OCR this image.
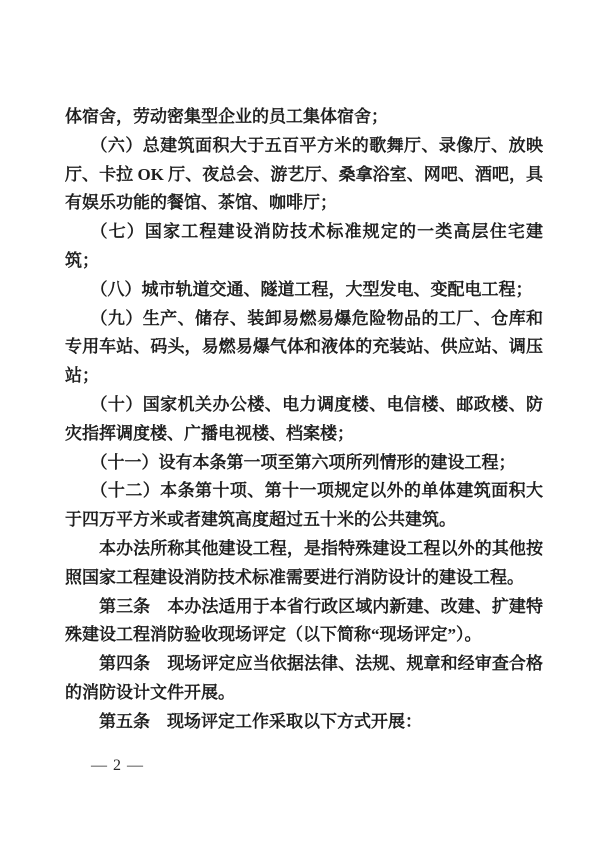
体宿舍，劳动密集型企业的员工集体宿舍；
（六）总建筑面积大于五百平方米的歌舞厅、录像厅、放映
厅、卡拉 OK 厅、夜总会、游艺厅、桑拿浴室、网吧、酒吧，具
有娱乐功能的餐馆、茶馆、咖啡厅；
（七）国家工程建设消防技术标准规定的一类高层住宅建
筑；
（八）城市轨道交通、隧道工程，大型发电、变配电工程；
（九）生产、储存、装卸易燃易爆危险物品的工厂、仓库和
专用车站、码头，易燃易爆气体和液体的充装站、供应站、调压
站；
（十）国家机关办公楼、电力调度楼、电信楼、邮政楼、防
灾指挥调度楼、广播电视楼、档案楼；
（十一）设有本条第一项至第六项所列情形的建设工程；
（十二）本条第十项、第十一项规定以外的单体建筑面积大
于四万平方米或者建筑高度超过五十米的公共建筑。
本办法所称其他建设工程，是指特殊建设工程以外的其他按
照国家工程建设消防技术标准需要进行消防设计的建设工程。
第三条　本办法适用于本省行政区域内新建、改建、扩建特
殊建设工程消防验收现场评定（以下简称“现场评定”）。
第四条　现场评定应当依据法律、法规、规章和经审查合格
的消防设计文件开展。
第五条　现场评定工作采取以下方式开展：
— 2 —
